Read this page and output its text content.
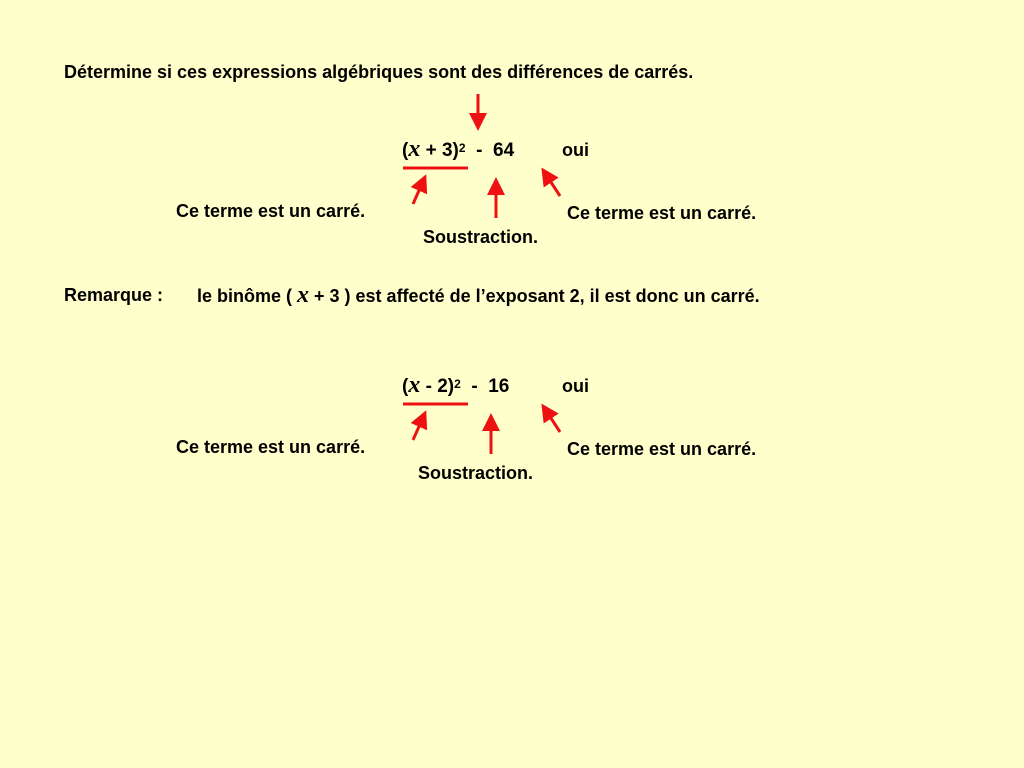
Détermine si ces expressions algébriques sont des différences de carrés.
$(x + 3)^2 - 64$	oui
Ce terme est un carré.
Soustraction.
Ce terme est un carré.
Remarque : le binôme ( x + 3 ) est affecté de l’exposant 2, il est donc un carré.
(x - 2)$^2$  -  16	oui
Ce terme est un carré.
Soustraction.
Ce terme est un carré.
